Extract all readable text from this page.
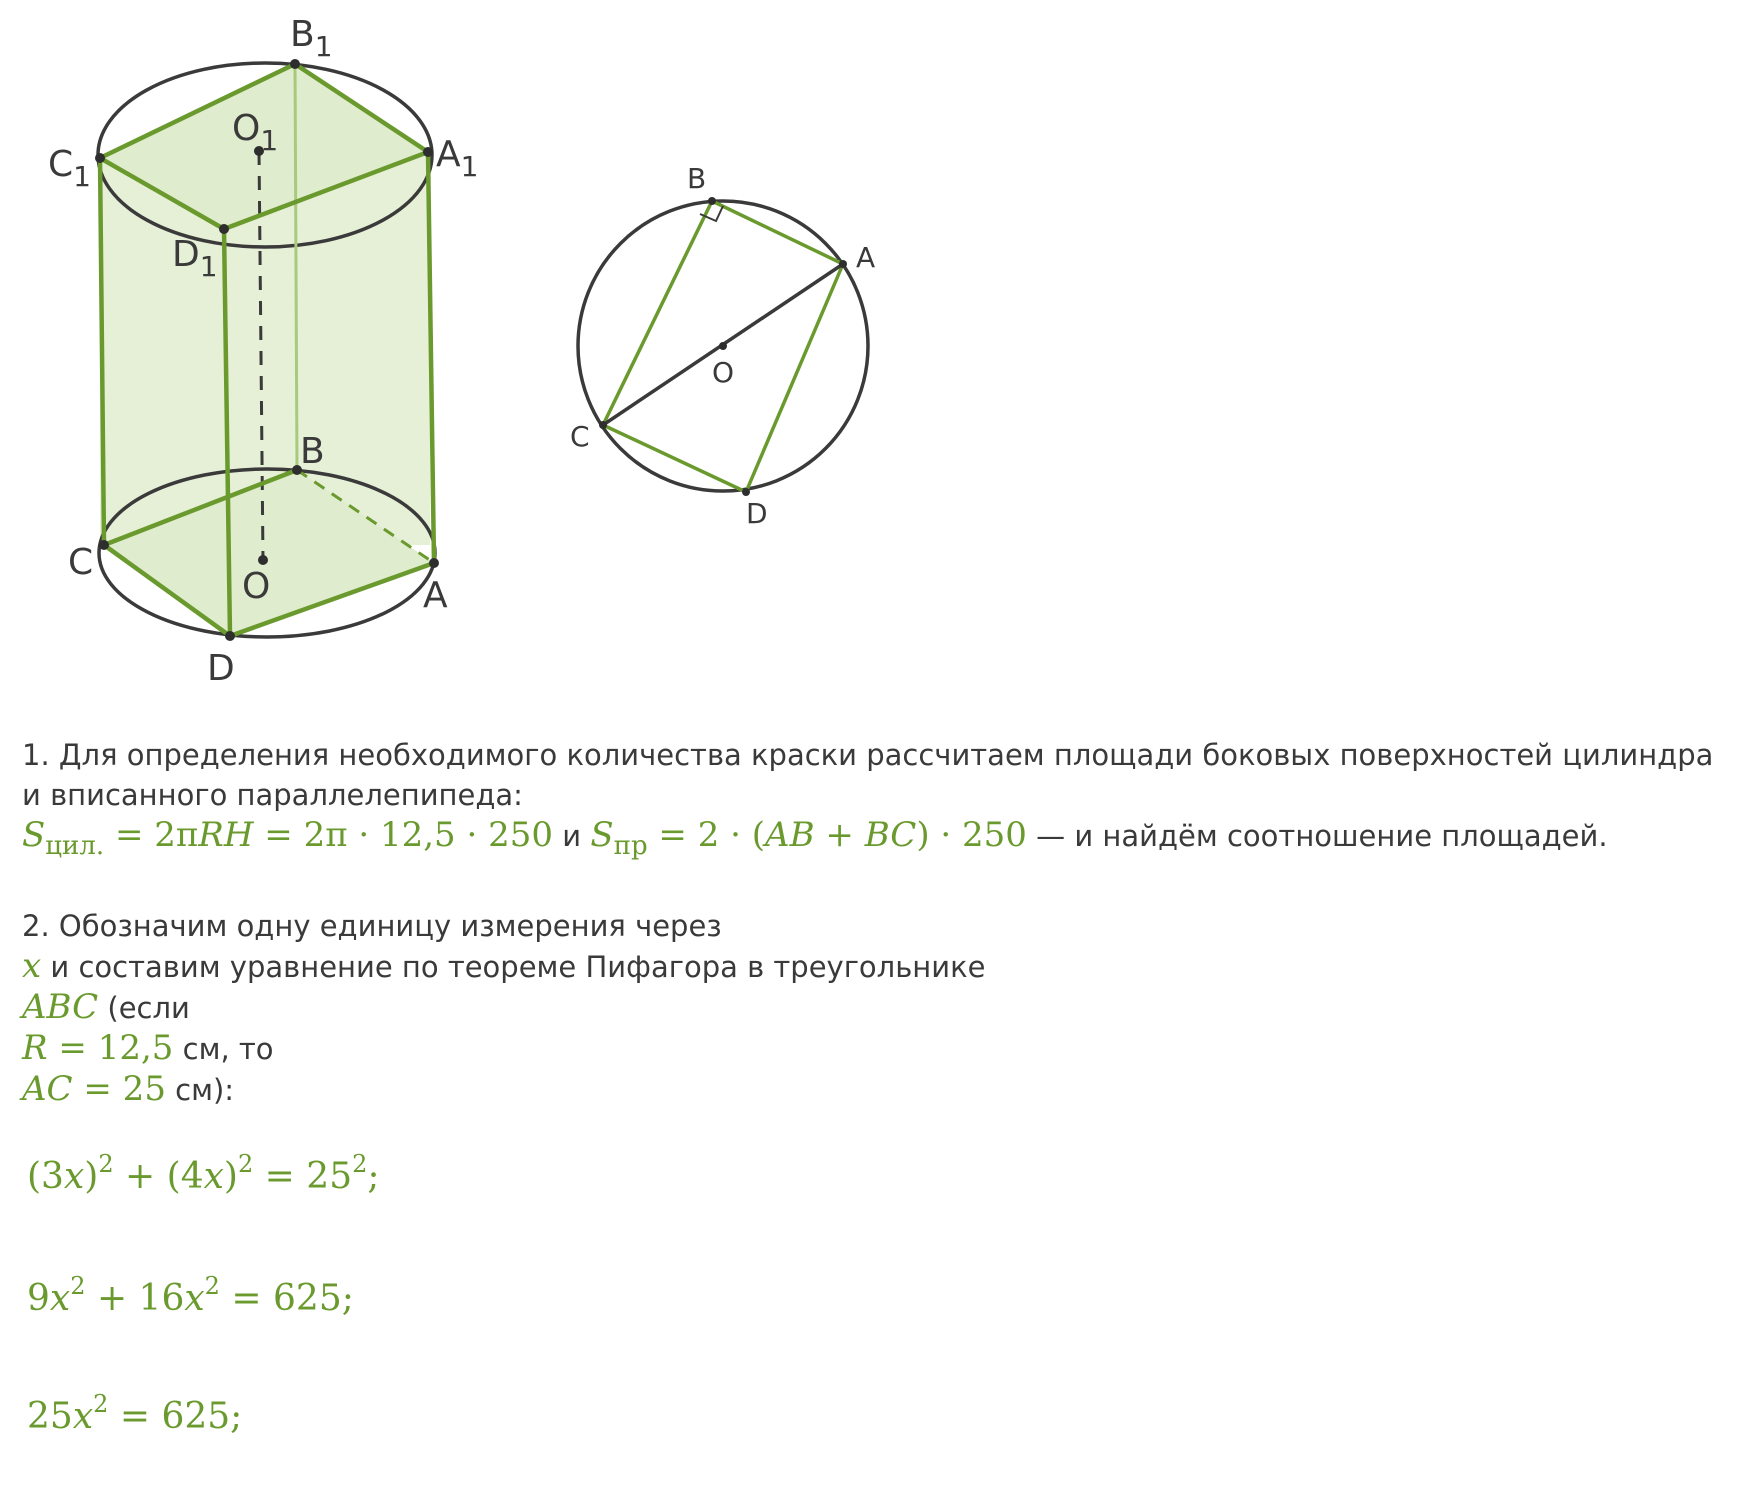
$B_1$
$O_1$
$C_1$
$A_1$
$D_1$
B
C
O	A
D
B
A
O
C
D

1. Для определения необходимого количества краски рассчитаем площади боковых поверхностей цилиндра и вписанного параллелепипеда:
$S_{цил.} = 2\pi RH = 2\pi \cdot 12,5 \cdot 250$ и $S_{пр} = 2 \cdot (AB + BC) \cdot 250$ — и найдём соотношение площадей.

2. Обозначим одну единицу измерения через
x и составим уравнение по теореме Пифагора в треугольнике
ABC (если
R = 12,5 см, то
AC = 25 см):

$(3x)^2 + (4x)^2 = 25^2$;
$9x^2 + 16x^2 = 625$;
$25x^2 = 625$;
